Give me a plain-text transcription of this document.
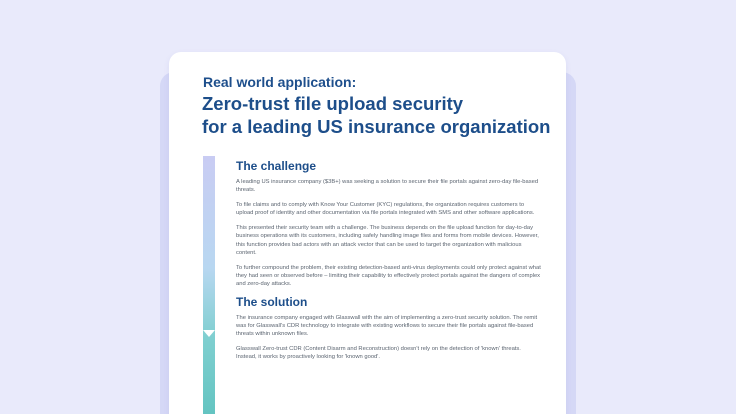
Real world application:
Zero-trust file upload security
for a leading US insurance organization
The challenge

A leading US insurance company ($3B+) was seeking a solution to secure their file portals against zero-day file-based threats.

To file claims and to comply with Know Your Customer (KYC) regulations, the organization requires customers to upload proof of identity and other documentation via file portals integrated with SMS and other software applications.

This presented their security team with a challenge. The business depends on the file upload function for day-to-day business operations with its customers, including safely handling image files and forms from mobile devices. However, this function provides bad actors with an attack vector that can be used to target the organization with malicious content.

To further compound the problem, their existing detection-based anti-virus deployments could only protect against what they had seen or observed before – limiting their capability to effectively protect portals against the dangers of complex and zero-day attacks.

The solution

The insurance company engaged with Glasswall with the aim of implementing a zero-trust security solution. The remit was for Glasswall's CDR technology to integrate with existing workflows to secure their file portals against file-based threats within unknown files.

Glasswall Zero-trust CDR (Content Disarm and Reconstruction) doesn't rely on the detection of 'known' threats. Instead, it works by proactively looking for 'known good'.
